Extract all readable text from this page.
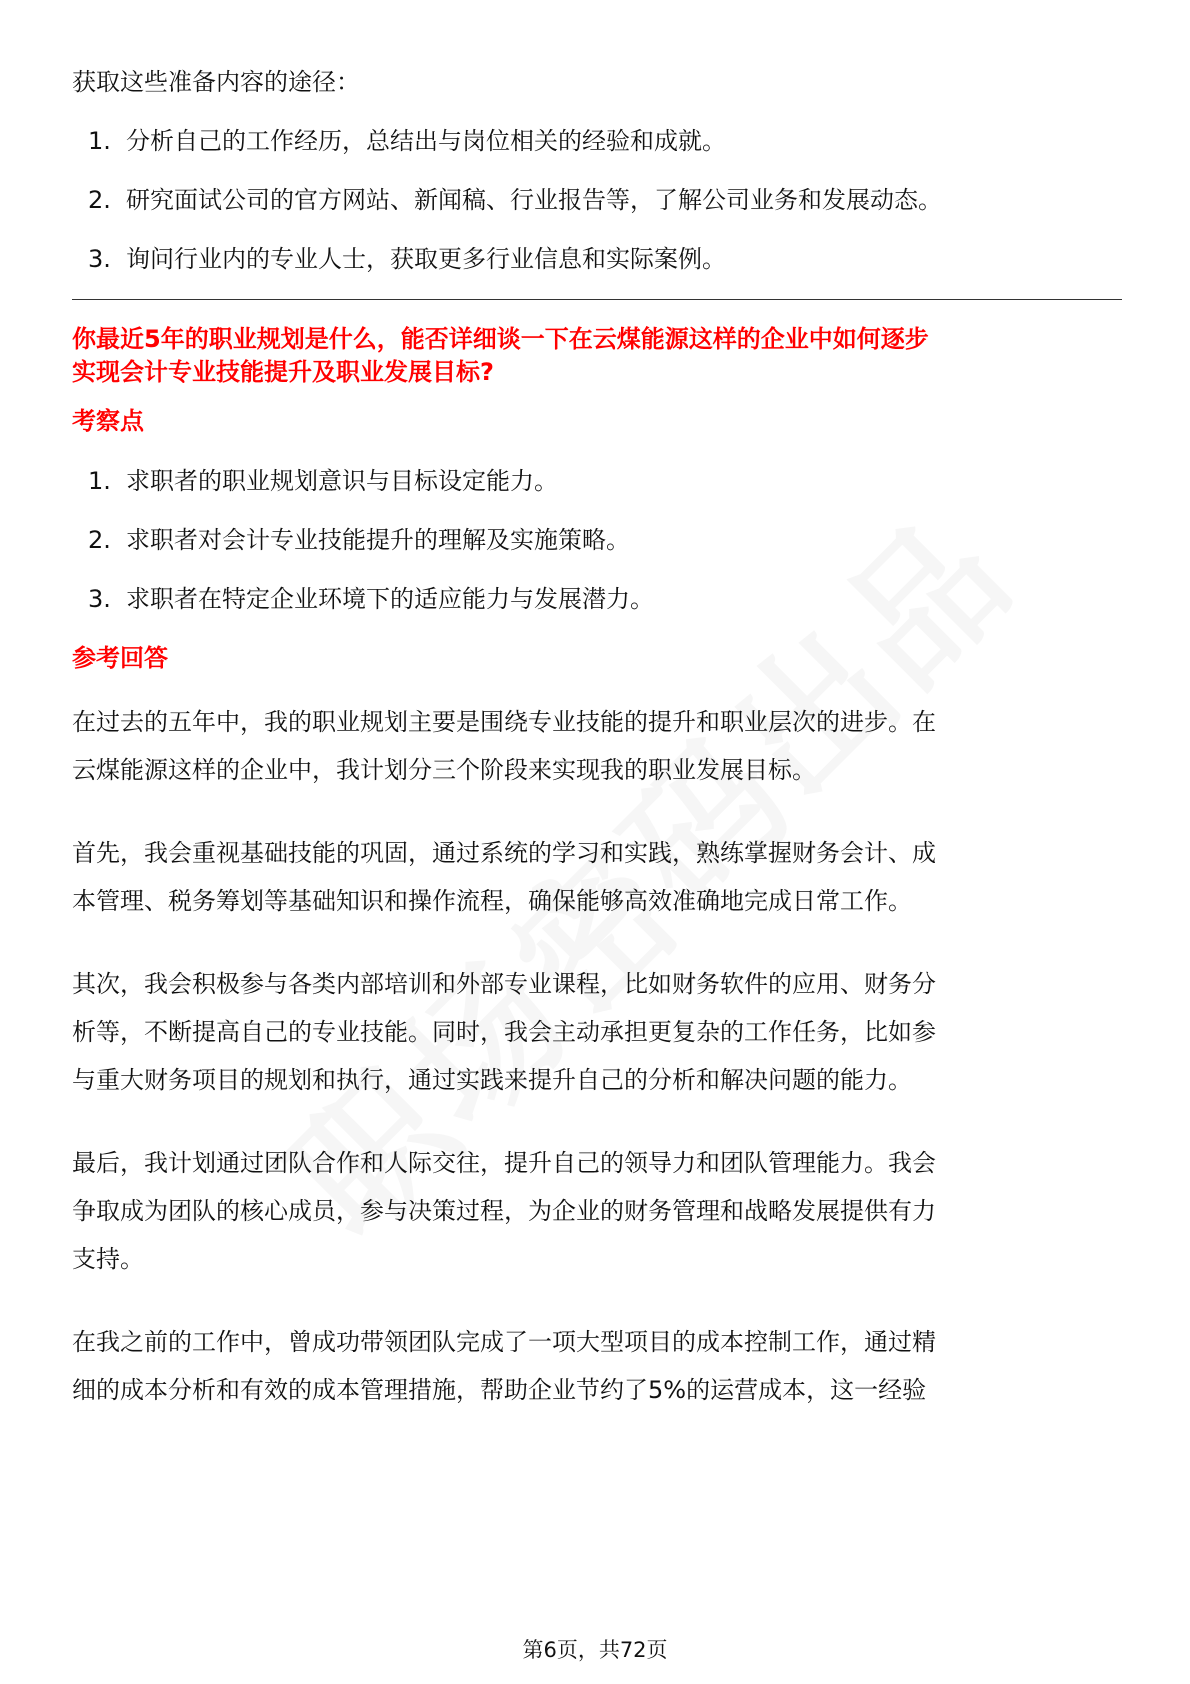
获取这些准备内容的途径：

1. 分析自己的工作经历，总结出与岗位相关的经验和成就。
2. 研究面试公司的官方网站、新闻稿、行业报告等，了解公司业务和发展动态。
3. 询问行业内的专业人士，获取更多行业信息和实际案例。
你最近5年的职业规划是什么，能否详细谈一下在云煤能源这样的企业中如何逐步
实现会计专业技能提升及职业发展目标?
考察点
1. 求职者的职业规划意识与目标设定能力。
2. 求职者对会计专业技能提升的理解及实施策略。
3. 求职者在特定企业环境下的适应能力与发展潜力。
参考回答

在过去的五年中，我的职业规划主要是围绕专业技能的提升和职业层次的进步。在

云煤能源这样的企业中，我计划分三个阶段来实现我的职业发展目标。

首先，我会重视基础技能的巩固，通过系统的学习和实践，熟练掌握财务会计、成

本管理、税务筹划等基础知识和操作流程，确保能够高效准确地完成日常工作。

其次，我会积极参与各类内部培训和外部专业课程，比如财务软件的应用、财务分

析等，不断提高自己的专业技能。同时，我会主动承担更复杂的工作任务，比如参

与重大财务项目的规划和执行，通过实践来提升自己的分析和解决问题的能力。

最后，我计划通过团队合作和人际交往，提升自己的领导力和团队管理能力。我会

争取成为团队的核心成员，参与决策过程，为企业的财务管理和战略发展提供有力

支持。

在我之前的工作中，曾成功带领团队完成了一项大型项目的成本控制工作，通过精

细的成本分析和有效的成本管理措施，帮助企业节约了5%的运营成本，这一经验

第6页，共72页
